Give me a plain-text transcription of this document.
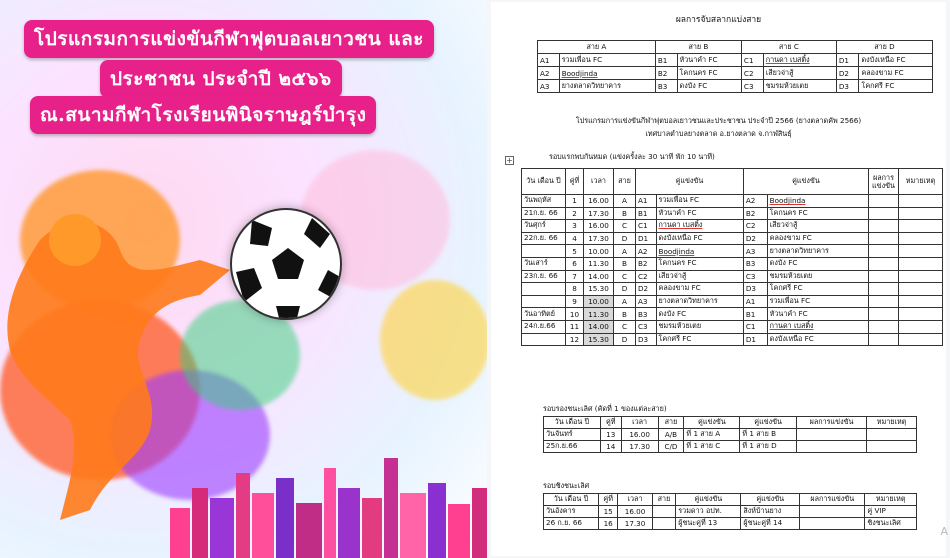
โปรแกรมการแข่งขันกีฬาฟุตบอลเยาวชน และ
ประชาชน ประจำปี ๒๕๖๖
ณ.สนามกีฬาโรงเรียนพินิจราษฎร์บำรุง
ผลการจับสลากแบ่งสาย
สาย A		สาย B		สาย C		สาย D	
A1	รวมเพื่อน FC	B1	หัวนาคำ FC	C1	กานดา เบสติ้ง	D1	ดงบังเหนือ FC
A2	Boodjinda	B2	โคกนคร FC	C2	เสียวจ่าสู้	D2	คลองขาม FC
A3	ยางตลาดวิทยาคาร	B3	ดงบัง FC	C3	ชมรมห้วยเตย	D3	โคกศรี FC
โปรแกรมการแข่งขันกีฬาฟุตบอลเยาวชนและประชาชน ประจำปี 2566 (ยางตลาดคัพ 2566)
เทศบาลตำบลยางตลาด อ.ยางตลาด จ.กาฬสินธุ์
+	รอบแรกพบกันหมด (แข่งครั้งละ 30 นาที พัก 10 นาที)
วัน เดือน ปี	คู่ที่	เวลา	สาย	คู่แข่งขัน		คู่แข่งขัน		ผลการแข่งขัน	หมายเหตุ
วันพฤหัส	1	16.00	A	A1	รวมเพื่อน FC	A2	Boodjinda		
21ก.ย. 66	2	17.30	B	B1	หัวนาคำ FC	B2	โคกนคร FC		
วันศุกร์	3	16.00	C	C1	กานดา เบสติ้ง	C2	เสียวจ่าสู้		
22ก.ย. 66	4	17.30	D	D1	ดงบังเหนือ FC	D2	คลองขาม FC		
	5	10.00	A	A2	Boodjinda	A3	ยางตลาดวิทยาคาร		
วันเสาร์	6	11.30	B	B2	โคกนคร FC	B3	ดงบัง FC		
23ก.ย. 66	7	14.00	C	C2	เสียวจ่าสู้	C3	ชมรมห้วยเตย		
	8	15.30	D	D2	คลองขาม FC	D3	โคกศรี FC		
	9	10.00	A	A3	ยางตลาดวิทยาคาร	A1	รวมเพื่อน FC		
วันอาทิตย์	10	11.30	B	B3	ดงบัง FC	B1	หัวนาคำ FC		
24ก.ย.66	11	14.00	C	C3	ชมรมห้วยเตย	C1	กานดา เบสติ้ง		
	12	15.30	D	D3	โคกศรี FC	D1	ดงบังเหนือ FC		
รอบรองชนะเลิศ (คัดที่ 1 ของแต่ละสาย)
วัน เดือน ปี	คู่ที่	เวลา	สาย	คู่แข่งขัน	คู่แข่งขัน	ผลการแข่งขัน	หมายเหตุ
วันจันทร์	13	16.00	A/B	ที่ 1 สาย A	ที่ 1 สาย B		
25ก.ย.66	14	17.30	C/D	ที่ 1 สาย C	ที่ 1 สาย D		
รอบชิงชนะเลิศ
วัน เดือน ปี	คู่ที่	เวลา	สาย	คู่แข่งขัน	คู่แข่งขัน	ผลการแข่งขัน	หมายเหตุ
วันอังคาร	15	16.00		รวมดาว อปท.	สิงห์บ้านยาง		คู่ VIP
26 ก.ย. 66	16	17.30		ผู้ชนะคู่ที่ 13	ผู้ชนะคู่ที่ 14		ชิงชนะเลิศ
A
